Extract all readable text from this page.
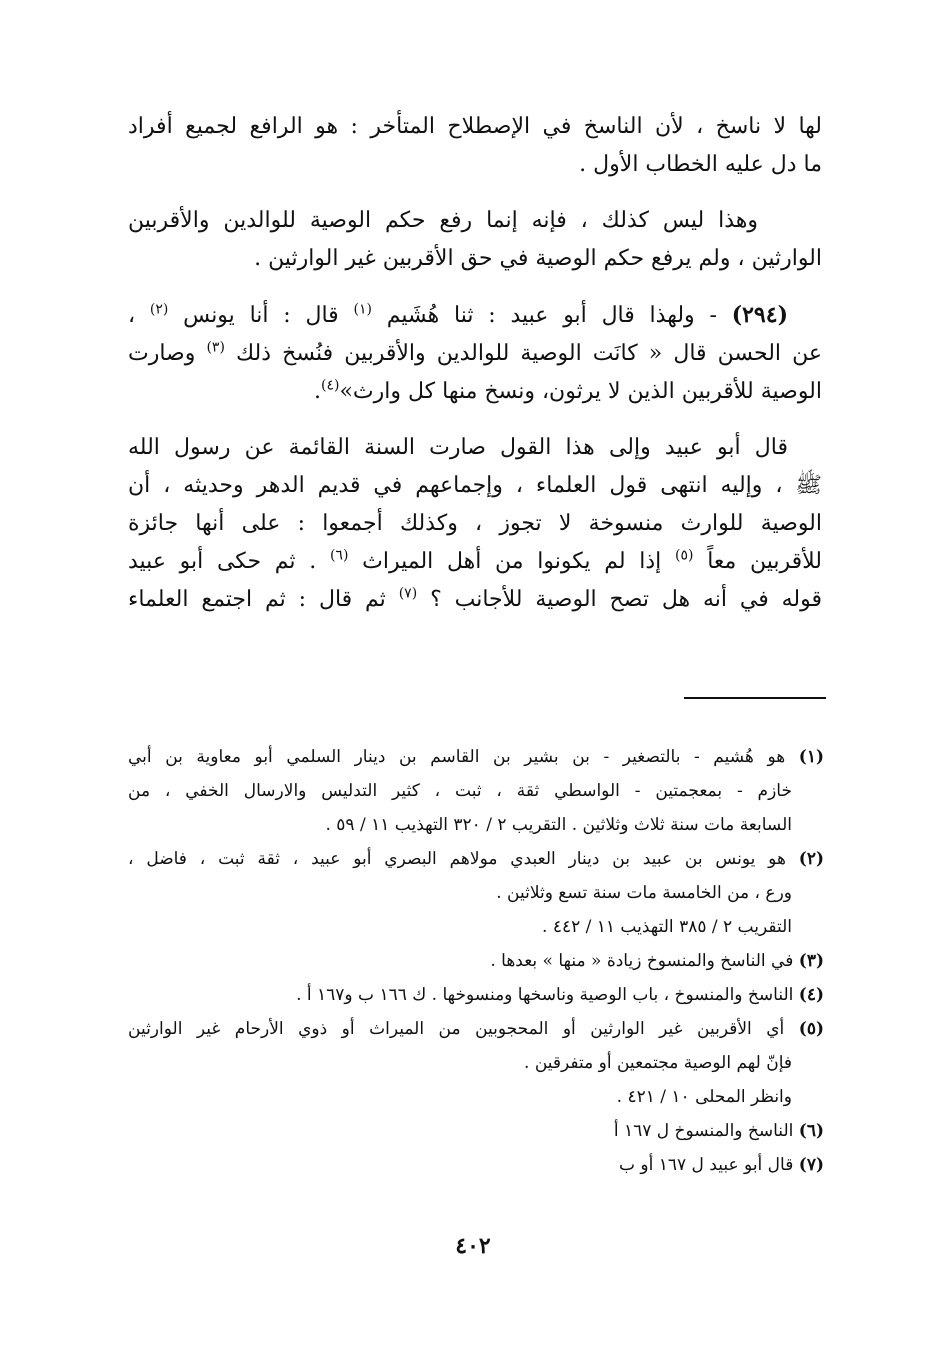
لها لا ناسخ ، لأن الناسخ في الإصطلاح المتأخر : هو الرافع لجميع أفراد
ما دل عليه الخطاب الأول .

وهذا ليس كذلك ، فإنه إنما رفع حكم الوصية للوالدين والأقربين
الوارثين ، ولم يرفع حكم الوصية في حق الأقربين غير الوارثين .

(٢٩٤) - ولهذا قال أبو عبيد : ثنا هُشَيم $^{(١)}$ قال : أنا يونس $^{(٢)}$ ،
عن الحسن قال « كانَت الوصية للوالدين والأقربين فنُسخ ذلك $^{(٣)}$ وصارت
الوصية للأقربين الذين لا يرثون، ونسخ منها كل وارث»$^{(٤)}$.

قال أبو عبيد وإلى هذا القول صارت السنة القائمة عن رسول الله
ﷺ ، وإليه انتهى قول العلماء ، وإجماعهم في قديم الدهر وحديثه ، أن
الوصية للوارث منسوخة لا تجوز ، وكذلك أجمعوا : على أنها جائزة
للأقربين معاً $^{(٥)}$ إذا لم يكونوا من أهل الميراث $^{(٦)}$ . ثم حكى أبو عبيد
قوله في أنه هل تصح الوصية للأجانب ؟ $^{(٧)}$ ثم قال : ثم اجتمع العلماء

(١) هو هُشيم - بالتصغير - بن بشير بن القاسم بن دينار السلمي أبو معاوية بن أبي
خازم - بمعجمتين - الواسطي ثقة ، ثبت ، كثير التدليس والارسال الخفي ، من
السابعة مات سنة ثلاث وثلاثين . التقريب ٢ / ٣٢٠ التهذيب ١١ / ٥٩ .
(٢) هو يونس بن عبيد بن دينار العبدي مولاهم البصري أبو عبيد ، ثقة ثبت ، فاضل ،
ورع ، من الخامسة مات سنة تسع وثلاثين .
التقريب ٢ / ٣٨٥ التهذيب ١١ / ٤٤٢ .
(٣) في الناسخ والمنسوخ زيادة « منها » بعدها .
(٤) الناسخ والمنسوخ ، باب الوصية وناسخها ومنسوخها . ك ١٦٦ ب و١٦٧ أ .
(٥) أي الأقربين غير الوارثين أو المحجوبين من الميراث أو ذوي الأرحام غير الوارثين
فإنّ لهم الوصية مجتمعين أو متفرقين .
وانظر المحلى ١٠ / ٤٢١ .
(٦) الناسخ والمنسوخ ل ١٦٧ أ
(٧) قال أبو عبيد ل ١٦٧ أو ب
٤٠٢
